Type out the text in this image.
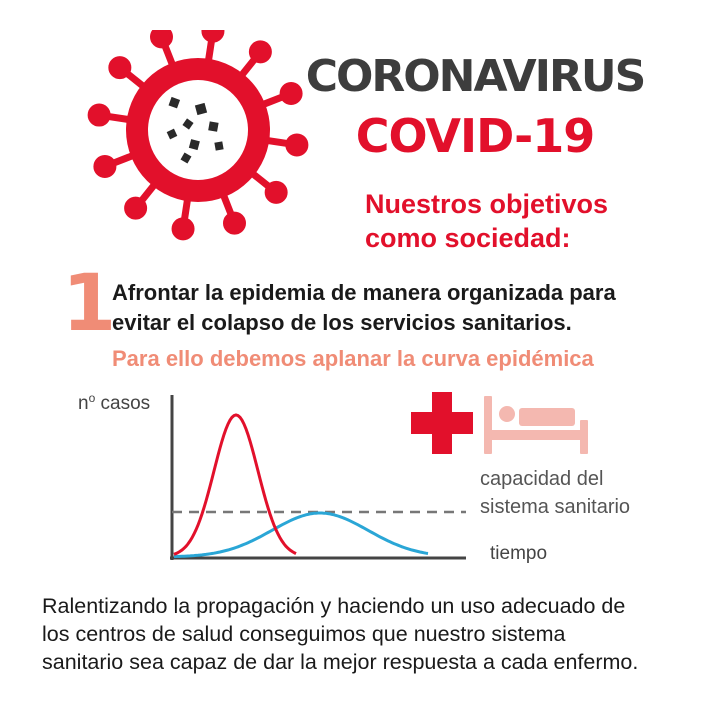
CORONAVIRUS
COVID-19
Nuestros objetivos
como sociedad:
1
Afrontar la epidemia de manera organizada para
evitar el colapso de los servicios sanitarios.
Para ello debemos aplanar la curva epidémica
$n^o$ casos
tiempo
capacidad del
sistema sanitario
Ralentizando la propagación y haciendo un uso adecuado de
los centros de salud conseguimos que nuestro sistema
sanitario sea capaz de dar la mejor respuesta a cada enfermo.
